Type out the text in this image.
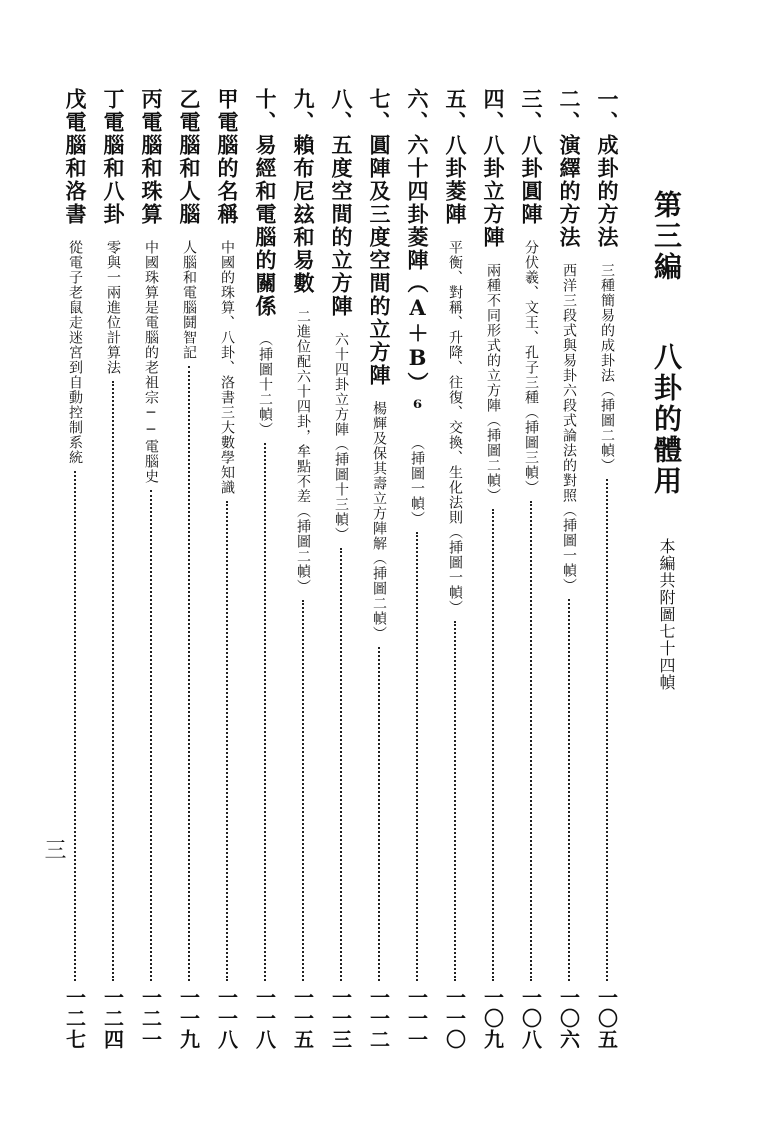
第三編 八卦的體用 本編共附圖七十四幀
一、成卦的方法
三種簡易的成卦法（挿圖二幀）
一〇五
二、演繹的方法
西洋三段式與易卦六段式論法的對照（挿圖一幀）
一〇六
三、八卦圓陣
分伏羲、文王、孔子三種（挿圖三幀）
一〇八
四、八卦立方陣
兩種不同形式的立方陣（挿圖二幀）
一〇九
五、八卦菱陣
平衡、對稱、升降、往復、交換、生化法則（挿圖一幀）
一一〇
六、六十四卦菱陣（A＋B）⁶
（挿圖一幀）
一一一
七、圓陣及三度空間的立方陣
楊輝及保其壽立方陣解（挿圖二幀）
一一二
八、五度空間的立方陣
六十四卦立方陣（挿圖十三幀）
一一三
九、賴布尼玆和易數
二進位配六十四卦，牟點不差（挿圖二幀）
一一五
十、易經和電腦的關係
（挿圖十二幀）
一一八
甲電腦的名稱
中國的珠算、八卦、洛書三大數學知識
一一八
乙電腦和人腦
人腦和電腦鬪智記
一一九
丙電腦和珠算
中國珠算是電腦的老祖宗──電腦史
一二一
丁電腦和八卦
零與一兩進位計算法
一二四
戊電腦和洛書
從電子老鼠走迷宮到自動控制系統
一二七
三
